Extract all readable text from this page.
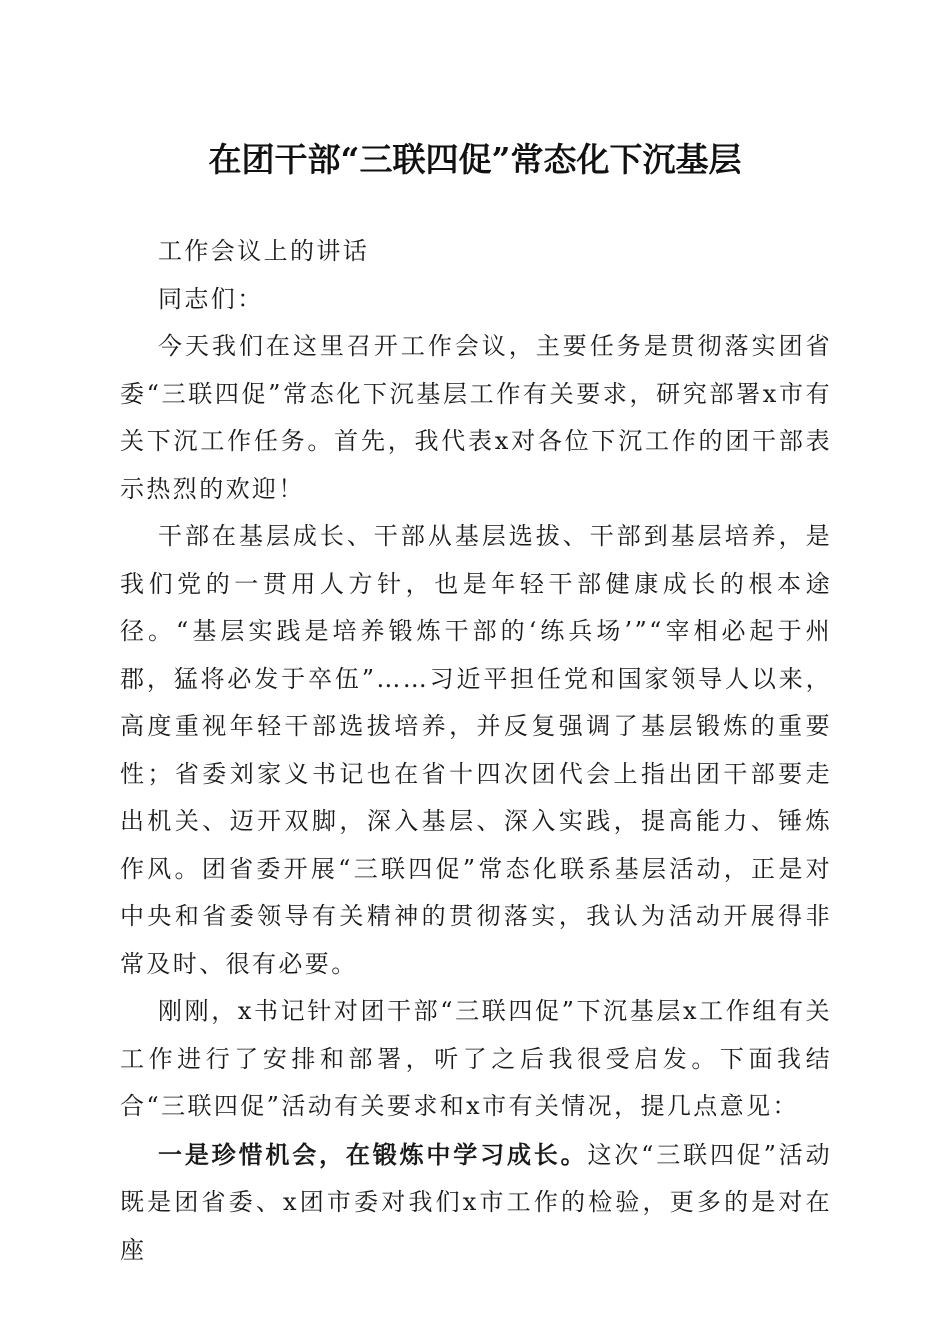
在团干部“三联四促”常态化下沉基层

工作会议上的讲话

同志们：

今天我们在这里召开工作会议，主要任务是贯彻落实团省委“三联四促”常态化下沉基层工作有关要求，研究部署x市有关下沉工作任务。首先，我代表x对各位下沉工作的团干部表示热烈的欢迎！

干部在基层成长、干部从基层选拔、干部到基层培养，是我们党的一贯用人方针，也是年轻干部健康成长的根本途径。“基层实践是培养锻炼干部的‘练兵场’”“宰相必起于州郡，猛将必发于卒伍”……习近平担任党和国家领导人以来，高度重视年轻干部选拔培养，并反复强调了基层锻炼的重要性；省委刘家义书记也在省十四次团代会上指出团干部要走出机关、迈开双脚，深入基层、深入实践，提高能力、锤炼作风。团省委开展“三联四促”常态化联系基层活动，正是对中央和省委领导有关精神的贯彻落实，我认为活动开展得非常及时、很有必要。

刚刚，x书记针对团干部“三联四促”下沉基层x工作组有关工作进行了安排和部署，听了之后我很受启发。下面我结合“三联四促”活动有关要求和x市有关情况，提几点意见：

一是珍惜机会，在锻炼中学习成长。这次“三联四促”活动既是团省委、x团市委对我们x市工作的检验，更多的是对在座
